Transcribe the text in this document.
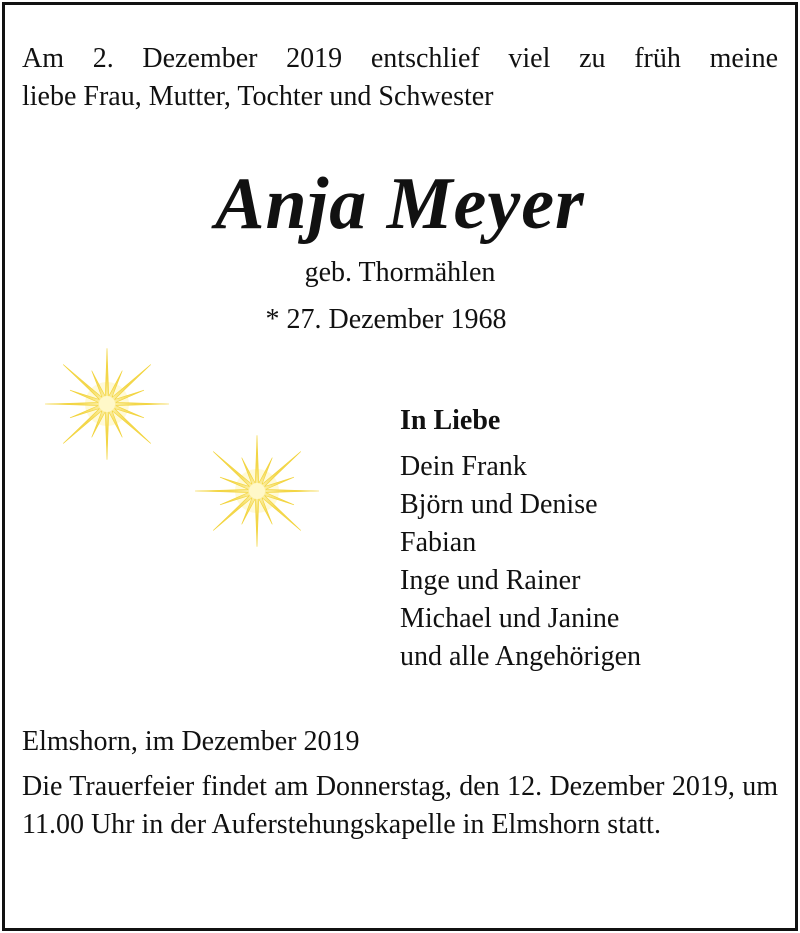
Am 2. Dezember 2019 entschlief viel zu früh meine
liebe Frau, Mutter, Tochter und Schwester

Anja Meyer
geb. Thormählen
* 27. Dezember 1968
In Liebe
Dein Frank
Björn und Denise
Fabian
Inge und Rainer
Michael und Janine
und alle Angehörigen
Elmshorn, im Dezember 2019

Die Trauerfeier findet am Donnerstag, den 12. Dezember 2019, um 11.00 Uhr in der Auferstehungskapelle in Elmshorn statt.
